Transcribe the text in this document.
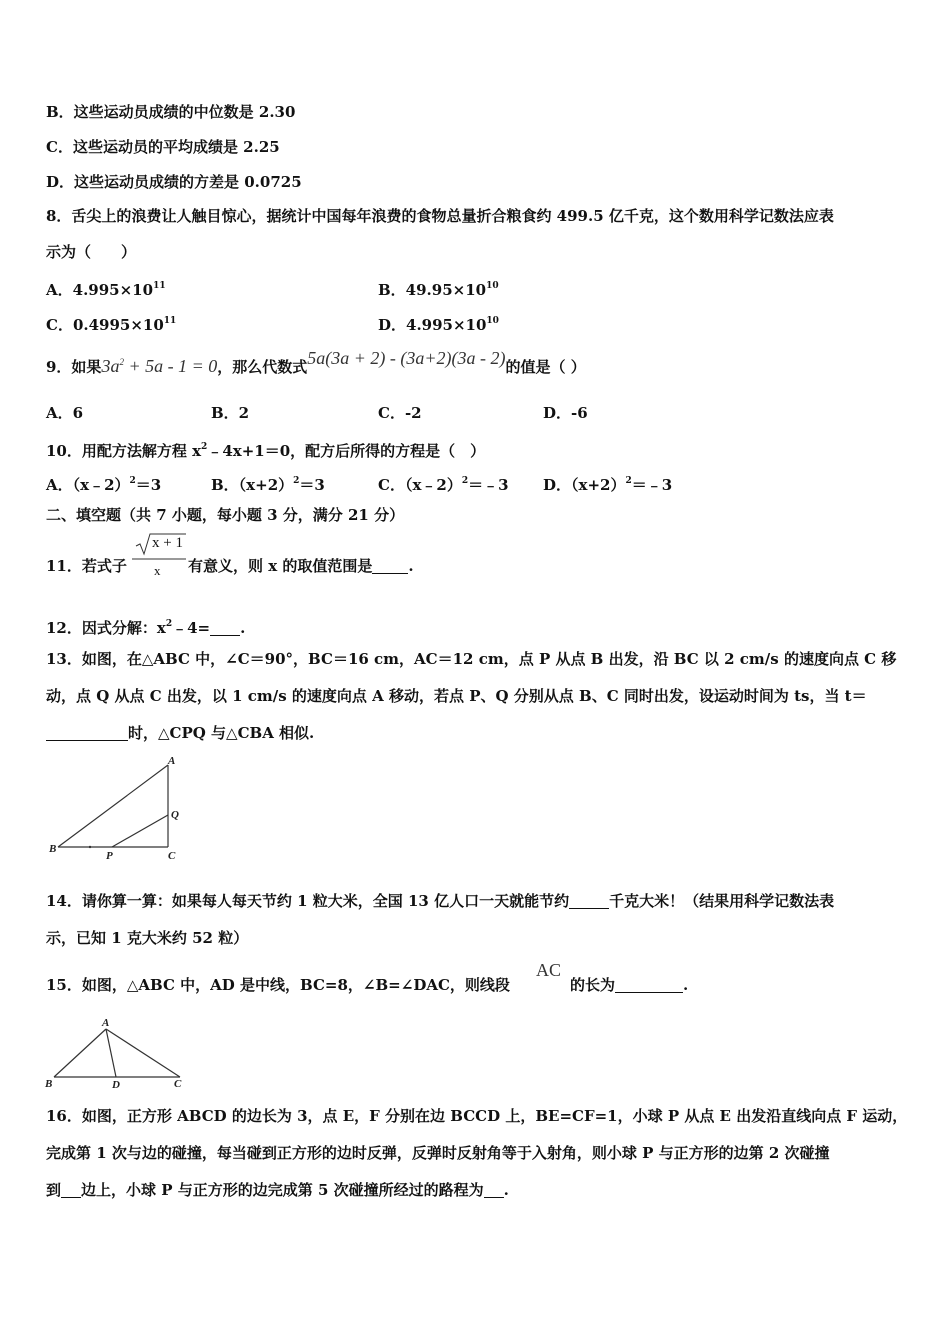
B．这些运动员成绩的中位数是 2.30
C．这些运动员的平均成绩是 2.25
D．这些运动员成绩的方差是 0.0725
8．舌尖上的浪费让人触目惊心，据统计中国每年浪费的食物总量折合粮食约 499.5 亿千克，这个数用科学记数法应表
示为（　　）
A．$4.995\times 10^{11}$	B．$49.95\times 10^{10}$
C．$0.4995\times 10^{11}$	D．$4.995\times 10^{10}$
9．如果$3a^2 + 5a - 1 = 0$，那么代数式5a(3a + 2) - (3a+2)(3a - 2)的值是（ ）
A．6	B．2	C．-2	D．-6
10．用配方法解方程 $x^2﹣4x+1=0$，配方后所得的方程是（　）
A．（x﹣2）$^2$＝3	B．$(x+2)^2=3$	C．（x﹣2）$^2$＝﹣3 D．$(x+2)^2=﹣3$
二、填空题（共 7 小题，每小题 3 分，满分 21 分）
11．若式子
x + 1
x 有意义，则 x 的取值范围是 .
12．因式分解：$x^2﹣4=$ .
13．如图，在△ABC 中，∠C＝90°，BC＝16 cm，AC＝12 cm，点 P 从点 B 出发，沿 BC 以 2 cm/s 的速度向点 C 移
动，点 Q 从点 C 出发，以 1 cm/s 的速度向点 A 移动，若点 P、Q 分别从点 B、C 同时出发，设运动时间为 ts，当 t＝
时，△CPQ 与△CBA 相似.
A
B
C
P
Q
14．请你算一算：如果每人每天节约 1 粒大米，全国 13 亿人口一天就能节约	千克大米！（结果用科学记数法表
示，已知 1 克大米约 52 粒）
15．如图，△ABC 中，AD 是中线，BC=8，∠B=∠DAC，则线段
AC
的长为	.
A
B	D	C
16．如图，正方形 ABCD 的边长为 3，点 E，F 分别在边 BCCD 上，BE=CF=1，小球 P 从点 E 出发沿直线向点 F 运动，
完成第 1 次与边的碰撞，每当碰到正方形的边时反弹，反弹时反射角等于入射角，则小球 P 与正方形的边第 2 次碰撞
到 边上，小球 P 与正方形的边完成第 5 次碰撞所经过的路程为 .
